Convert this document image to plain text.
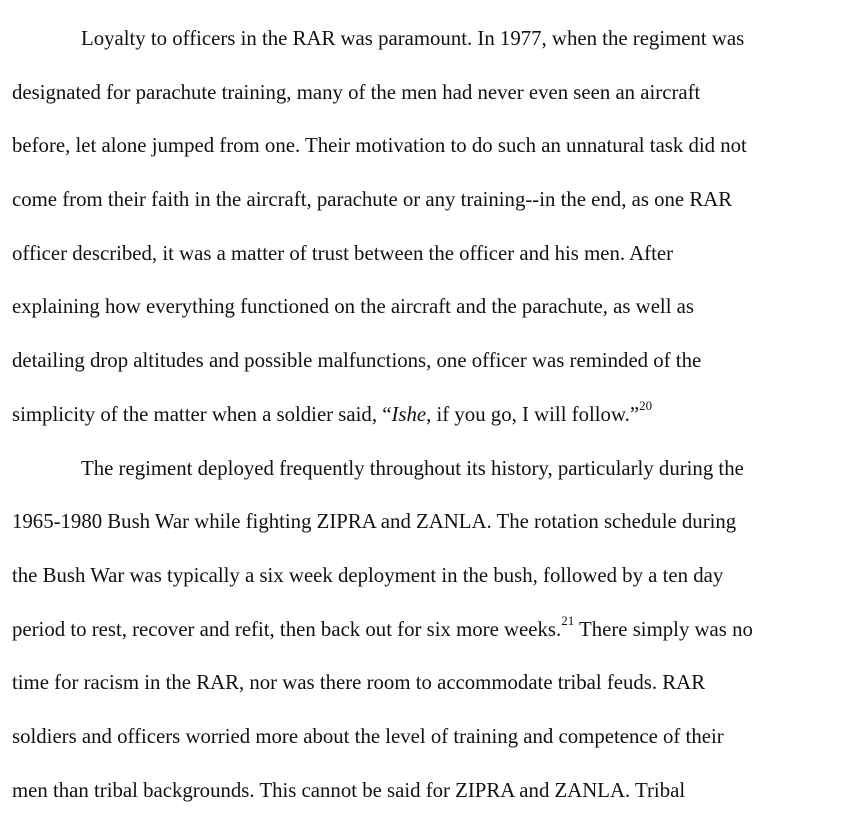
Loyalty to officers in the RAR was paramount. In 1977, when the regiment was
designated for parachute training, many of the men had never even seen an aircraft
before, let alone jumped from one. Their motivation to do such an unnatural task did not
come from their faith in the aircraft, parachute or any training--in the end, as one RAR
officer described, it was a matter of trust between the officer and his men. After
explaining how everything functioned on the aircraft and the parachute, as well as
detailing drop altitudes and possible malfunctions, one officer was reminded of the
simplicity of the matter when a soldier said, “Ishe, if you go, I will follow.”$^{20}$
The regiment deployed frequently throughout its history, particularly during the
1965-1980 Bush War while fighting ZIPRA and ZANLA. The rotation schedule during
the Bush War was typically a six week deployment in the bush, followed by a ten day
period to rest, recover and refit, then back out for six more weeks.$^{21}$ There simply was no
time for racism in the RAR, nor was there room to accommodate tribal feuds. RAR
soldiers and officers worried more about the level of training and competence of their
men than tribal backgrounds. This cannot be said for ZIPRA and ZANLA. Tribal
